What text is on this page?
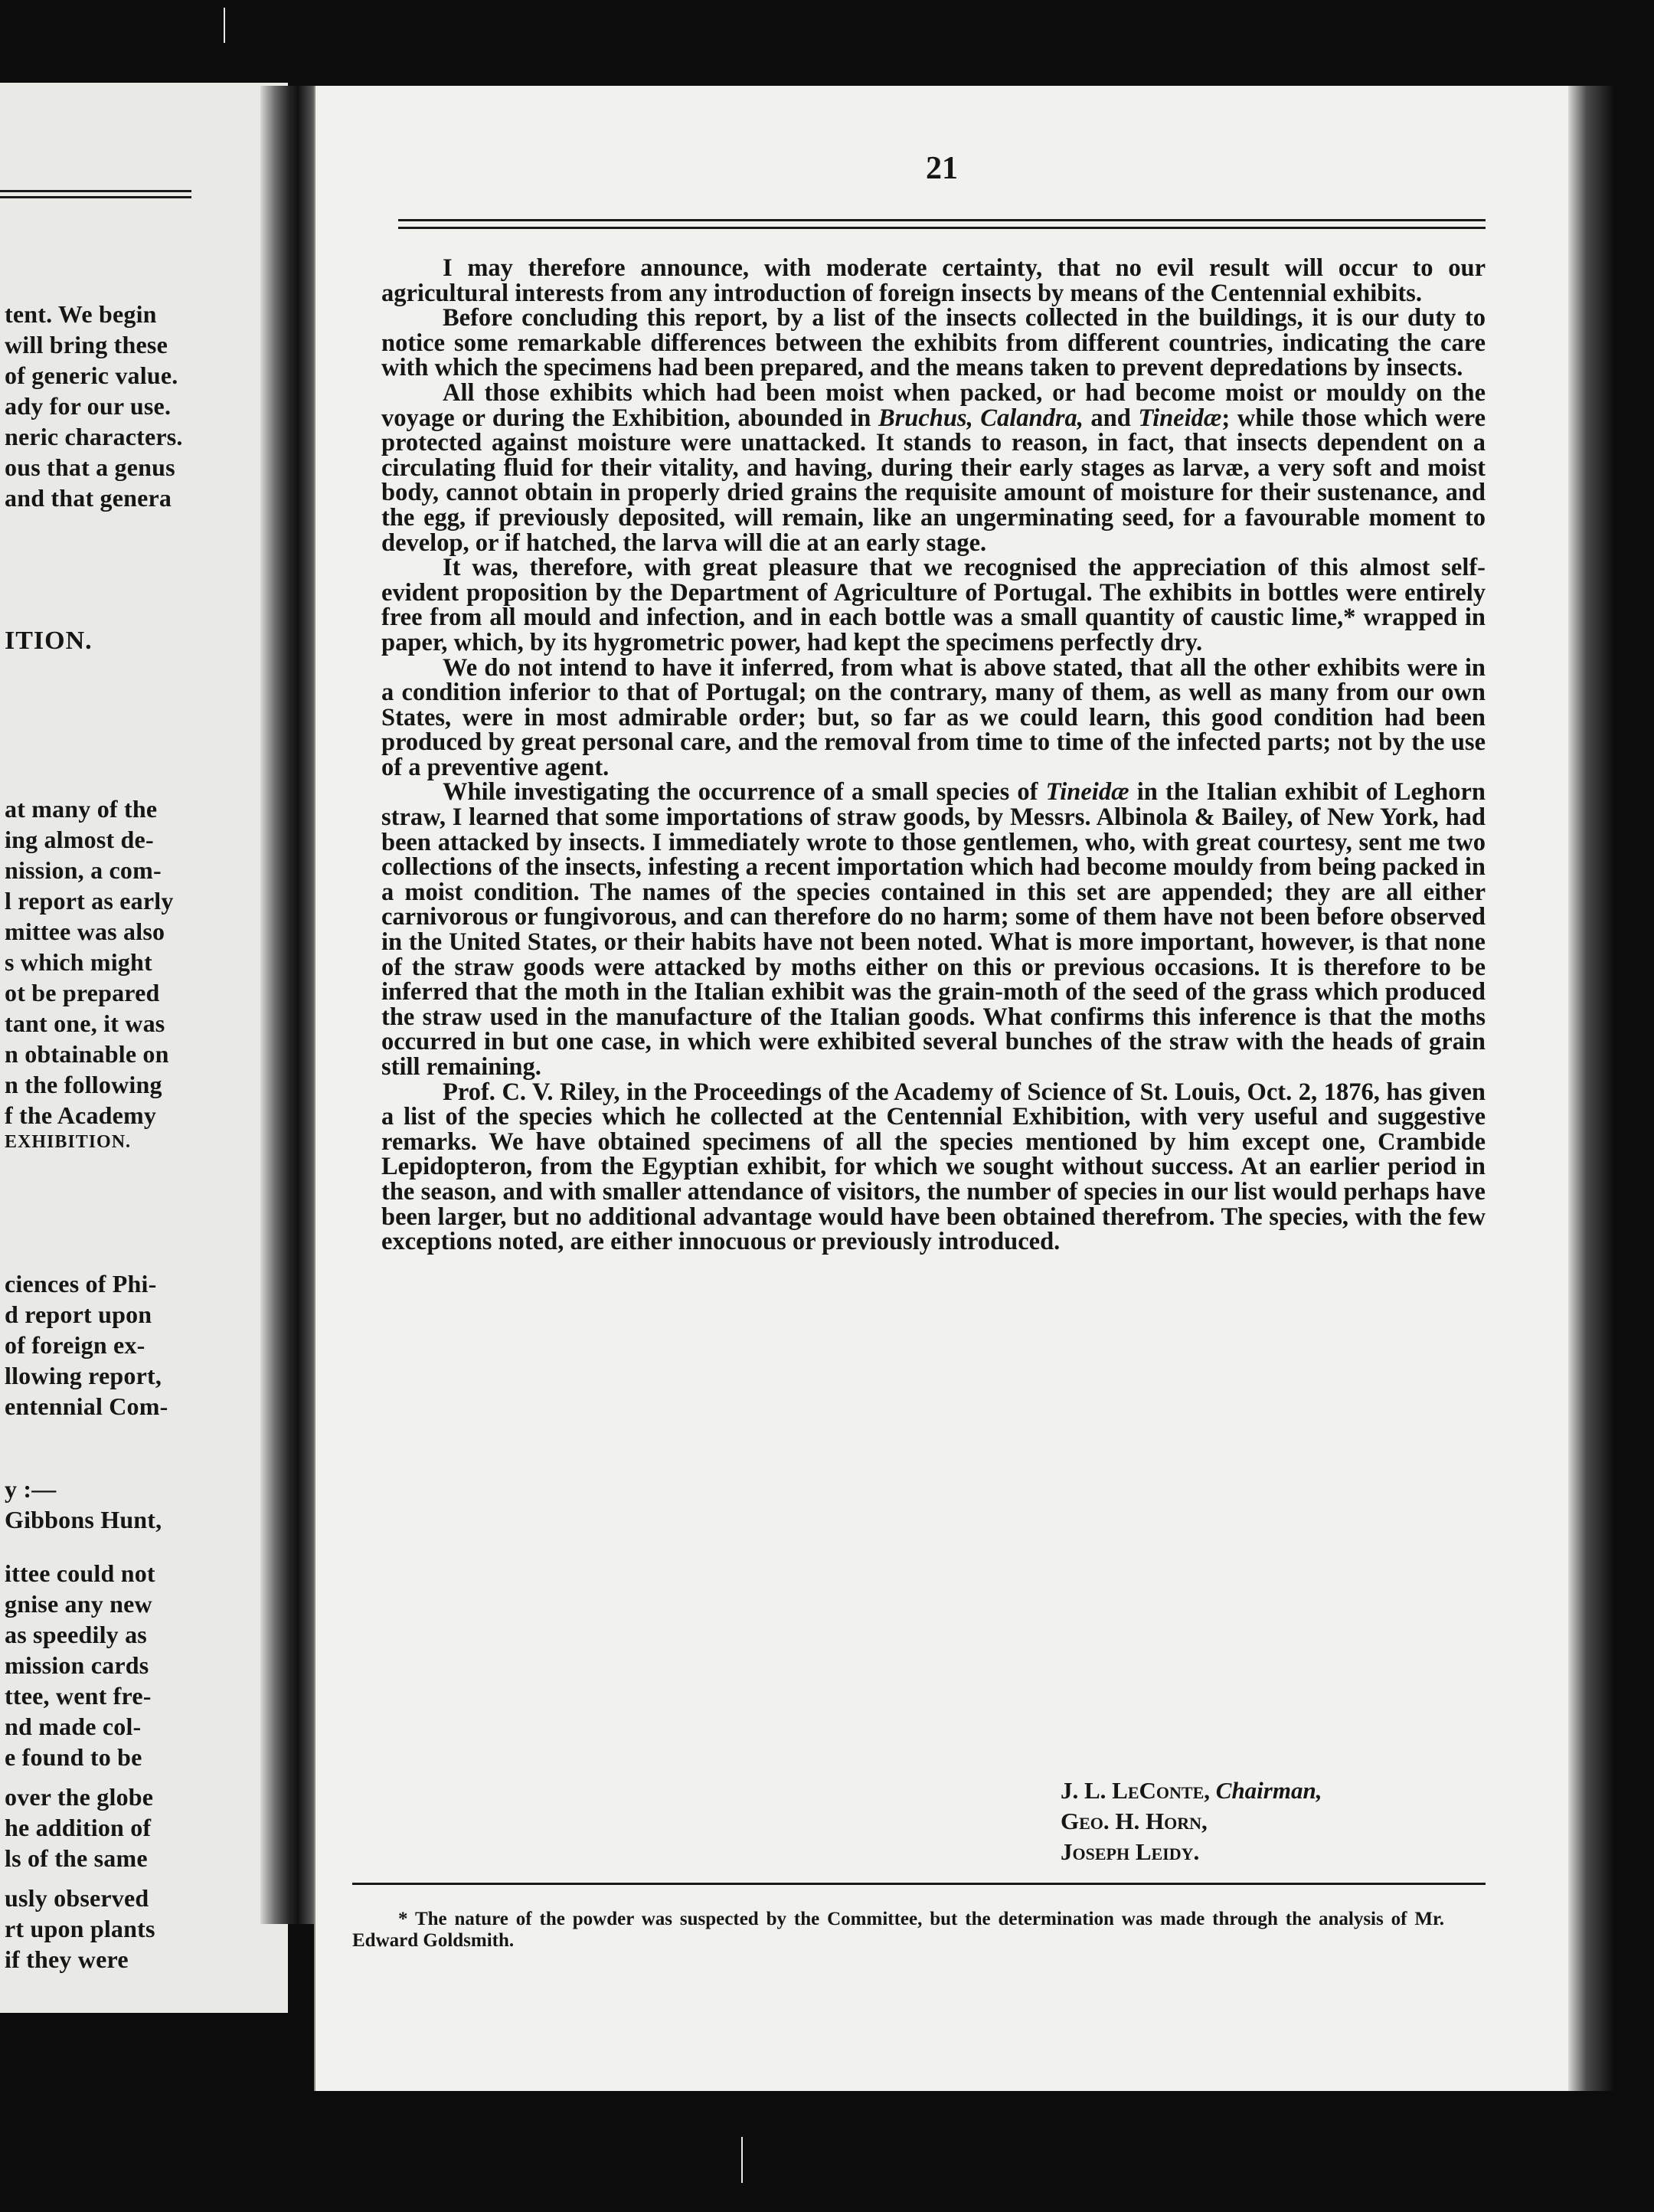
tent. We begin
will bring these
of generic value.
ady for our use.
neric characters.
ous that a genus
and that genera
ITION.
at many of the
ing almost de-
nission, a com-
l report as early
mittee was also
s which might
ot be prepared
tant one, it was
n obtainable on
n the following
f the Academy
EXHIBITION.
ciences of Phi-
d report upon
of foreign ex-
llowing report,
entennial Com-
y :—
Gibbons Hunt,
ittee could not
gnise any new
as speedily as
mission cards
ttee, went fre-
nd made col-
e found to be
over the globe
he addition of
ls of the same
usly observed
rt upon plants
if they were
21

I may therefore announce, with moderate certainty, that no evil result will occur to our agricultural interests from any introduction of foreign insects by means of the Centennial exhibits.

Before concluding this report, by a list of the insects collected in the buildings, it is our duty to notice some remarkable differences between the exhibits from different countries, indicating the care with which the specimens had been prepared, and the means taken to prevent depredations by insects.

All those exhibits which had been moist when packed, or had become moist or mouldy on the voyage or during the Exhibition, abounded in Bruchus, Calandra, and Tineidæ; while those which were protected against moisture were unattacked. It stands to reason, in fact, that insects dependent on a circulating fluid for their vitality, and having, during their early stages as larvæ, a very soft and moist body, cannot obtain in properly dried grains the requisite amount of moisture for their sustenance, and the egg, if previously deposited, will remain, like an ungerminating seed, for a favourable moment to develop, or if hatched, the larva will die at an early stage.

It was, therefore, with great pleasure that we recognised the appreciation of this almost self-evident proposition by the Department of Agriculture of Portugal. The exhibits in bottles were entirely free from all mould and infection, and in each bottle was a small quantity of caustic lime,* wrapped in paper, which, by its hygrometric power, had kept the specimens perfectly dry.

We do not intend to have it inferred, from what is above stated, that all the other exhibits were in a condition inferior to that of Portugal; on the contrary, many of them, as well as many from our own States, were in most admirable order; but, so far as we could learn, this good condition had been produced by great personal care, and the removal from time to time of the infected parts; not by the use of a preventive agent.

While investigating the occurrence of a small species of Tineidæ in the Italian exhibit of Leghorn straw, I learned that some importations of straw goods, by Messrs. Albinola & Bailey, of New York, had been attacked by insects. I immediately wrote to those gentlemen, who, with great courtesy, sent me two collections of the insects, infesting a recent importation which had become mouldy from being packed in a moist condition. The names of the species contained in this set are appended; they are all either carnivorous or fungivorous, and can therefore do no harm; some of them have not been before observed in the United States, or their habits have not been noted. What is more important, however, is that none of the straw goods were attacked by moths either on this or previous occasions. It is therefore to be inferred that the moth in the Italian exhibit was the grain-moth of the seed of the grass which produced the straw used in the manufacture of the Italian goods. What confirms this inference is that the moths occurred in but one case, in which were exhibited several bunches of the straw with the heads of grain still remaining.

Prof. C. V. Riley, in the Proceedings of the Academy of Science of St. Louis, Oct. 2, 1876, has given a list of the species which he collected at the Centennial Exhibition, with very useful and suggestive remarks. We have obtained specimens of all the species mentioned by him except one, Crambide Lepidopteron, from the Egyptian exhibit, for which we sought without success. At an earlier period in the season, and with smaller attendance of visitors, the number of species in our list would perhaps have been larger, but no additional advantage would have been obtained therefrom. The species, with the few exceptions noted, are either innocuous or previously introduced.

J. L. LeConte, Chairman,
Geo. H. Horn,
Joseph Leidy.
* The nature of the powder was suspected by the Committee, but the determination was made through the analysis of Mr. Edward Goldsmith.
